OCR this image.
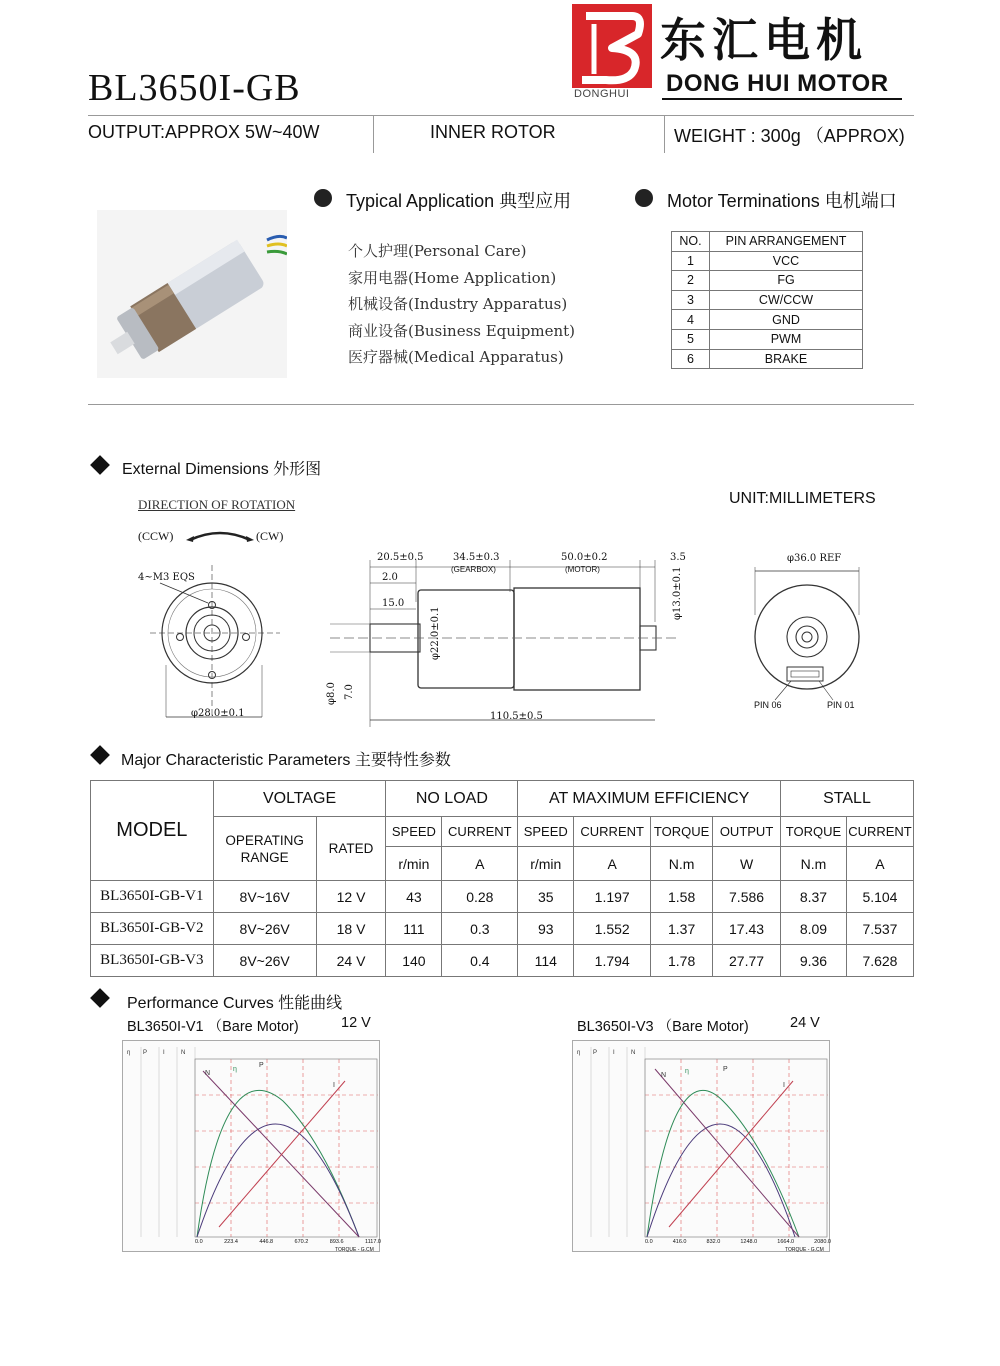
BL3650I-GB	DONGHUI
东汇电机
DONG HUI MOTOR
OUTPUT:APPROX 5W~40W	INNER ROTOR	WEIGHT : 300g （APPROX)
Typical Application 典型应用
个人护理(Personal Care)
家用电器(Home Application)
机械设备(Industry Apparatus)
商业设备(Business Equipment)
医疗器械(Medical Apparatus)
Motor Terminations 电机端口
NO.	PIN ARRANGEMENT
1	VCC
2	FG
3	CW/CCW
4	GND
5	PWM
6	BRAKE
External Dimensions 外形图
UNIT:MILLIMETERS
DIRECTION OF ROTATION
(CCW)	(CW)
4~M3 EQS
φ28.0±0.1
20.5±0.5	34.5±0.3
(GEARBOX)
50.0±0.2
(MOTOR)
3.5
2.0
15.0
φ22.0±0.1
φ13.0±0.1
φ8.0 7.0
110.5±0.5
φ36.0 REF
PIN 06	PIN 01
Major Characteristic Parameters 主要特性参数
MODEL	VOLTAGE		NO LOAD		AT MAXIMUM EFFICIENCY				STALL	
	OPERATING RANGE	RATED	SPEED	CURRENT	SPEED	CURRENT	TORQUE	OUTPUT	TORQUE	CURRENT
			r/min	A	r/min	A	N.m	W	N.m	A
BL3650I-GB-V1	8V~16V	12 V	43	0.28	35	1.197	1.58	7.586	8.37	5.104
BL3650I-GB-V2	8V~26V	18 V	111	0.3	93	1.552	1.37	17.43	8.09	7.537
BL3650I-GB-V3	8V~26V	24 V	140	0.4	114	1.794	1.78	27.77	9.36	7.628
Performance Curves 性能曲线
BL3650I-V1 （Bare Motor)	12 V	BL3650I-V3 （Bare Motor)	24 V
η P	I	N
N
η
P
I
0.0	223.4	446.8	670.2	893.6	1117.0
TORQUE - G.CM
η P	I	N
N
η	P
I
0.0	416.0	832.0	1248.0	1664.0	2080.0
TORQUE - G.CM
